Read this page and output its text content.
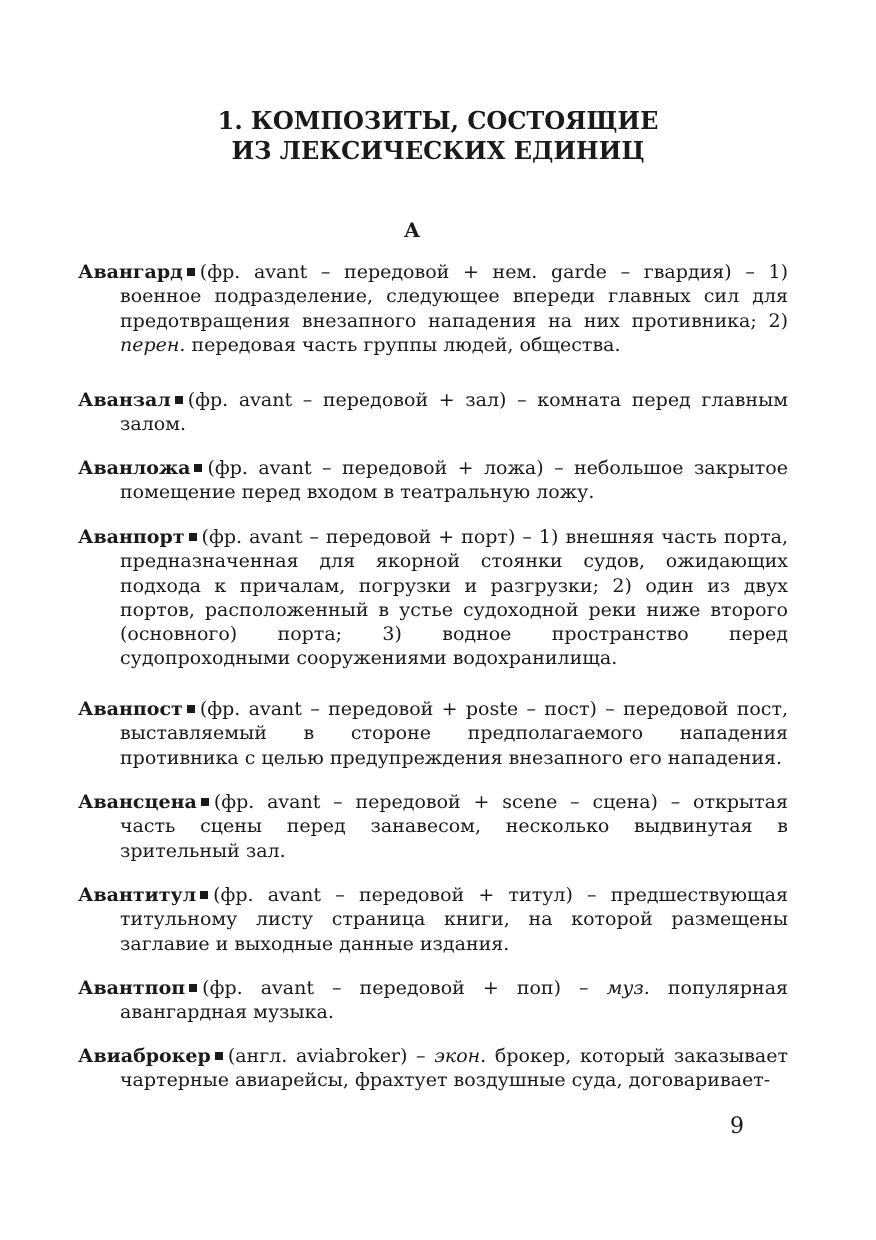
1. КОМПОЗИТЫ, СОСТОЯЩИЕ
ИЗ ЛЕКСИЧЕСКИХ ЕДИНИЦ
А

Авангард (фр. avant – передовой + нем. garde – гвардия) – 1) военное подразделение, следующее впереди главных сил для предотвращения внезапного нападения на них противника; 2) перен. передовая часть группы людей, общества.

Аванзал (фр. avant – передовой + зал) – комната перед главным залом.

Аванложа (фр. avant – передовой + ложа) – небольшое закрытое помещение перед входом в театральную ложу.

Аванпорт (фр. avant – передовой + порт) – 1) внешняя часть порта, предназначенная для якорной стоянки судов, ожидающих подхода к причалам, погрузки и разгрузки; 2) один из двух портов, расположенный в устье судоходной реки ниже второго (основного) порта; 3) водное пространство перед судопроходными сооружениями водохранилища.

Аванпост (фр. avant – передовой + poste – пост) – передовой пост, выставляемый в стороне предполагаемого нападения противника с целью предупреждения внезапного его нападения.

Авансцена (фр. avant – передовой + scene – сцена) – открытая часть сцены перед занавесом, несколько выдвинутая в зрительный зал.

Авантитул (фр. avant – передовой + титул) – предшествующая титульному листу страница книги, на которой размещены заглавие и выходные данные издания.

Авантпоп (фр. avant – передовой + поп) – муз. популярная авангардная музыка.

Авиаброкер (англ. aviabroker) – экон. брокер, который заказывает чартерные авиарейсы, фрахтует воздушные суда, договаривает-

9
